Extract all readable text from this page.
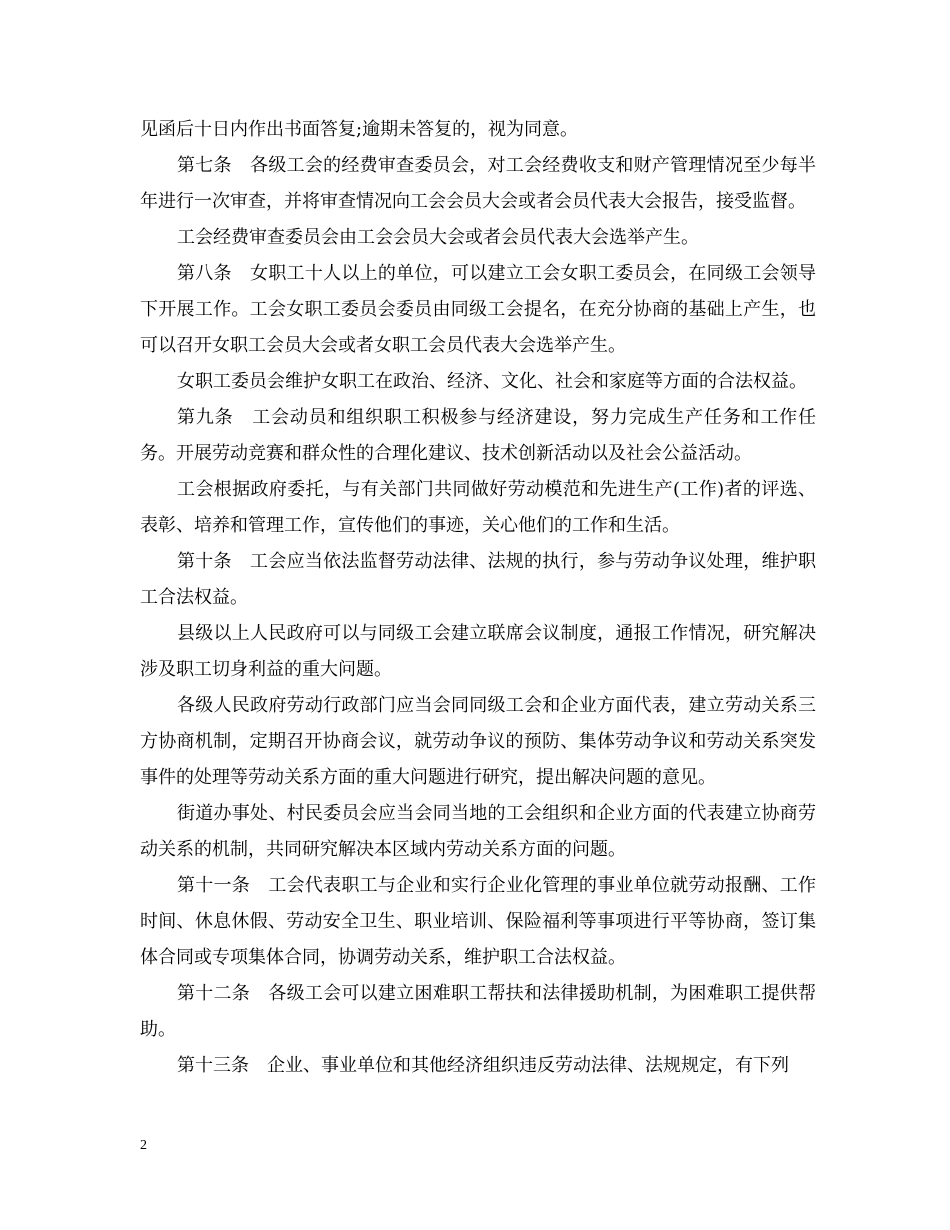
见函后十日内作出书面答复;逾期未答复的，视为同意。

第七条　各级工会的经费审查委员会，对工会经费收支和财产管理情况至少每半年进行一次审查，并将审查情况向工会会员大会或者会员代表大会报告，接受监督。

工会经费审查委员会由工会会员大会或者会员代表大会选举产生。

第八条　女职工十人以上的单位，可以建立工会女职工委员会，在同级工会领导下开展工作。工会女职工委员会委员由同级工会提名，在充分协商的基础上产生，也可以召开女职工会员大会或者女职工会员代表大会选举产生。

女职工委员会维护女职工在政治、经济、文化、社会和家庭等方面的合法权益。

第九条　工会动员和组织职工积极参与经济建设，努力完成生产任务和工作任务。开展劳动竞赛和群众性的合理化建议、技术创新活动以及社会公益活动。

工会根据政府委托，与有关部门共同做好劳动模范和先进生产(工作)者的评选、表彰、培养和管理工作，宣传他们的事迹，关心他们的工作和生活。

第十条　工会应当依法监督劳动法律、法规的执行，参与劳动争议处理，维护职工合法权益。

县级以上人民政府可以与同级工会建立联席会议制度，通报工作情况，研究解决涉及职工切身利益的重大问题。

各级人民政府劳动行政部门应当会同同级工会和企业方面代表，建立劳动关系三方协商机制，定期召开协商会议，就劳动争议的预防、集体劳动争议和劳动关系突发事件的处理等劳动关系方面的重大问题进行研究，提出解决问题的意见。

街道办事处、村民委员会应当会同当地的工会组织和企业方面的代表建立协商劳动关系的机制，共同研究解决本区域内劳动关系方面的问题。

第十一条　工会代表职工与企业和实行企业化管理的事业单位就劳动报酬、工作时间、休息休假、劳动安全卫生、职业培训、保险福利等事项进行平等协商，签订集体合同或专项集体合同，协调劳动关系，维护职工合法权益。

第十二条　各级工会可以建立困难职工帮扶和法律援助机制，为困难职工提供帮助。

第十三条　企业、事业单位和其他经济组织违反劳动法律、法规规定，有下列

2
